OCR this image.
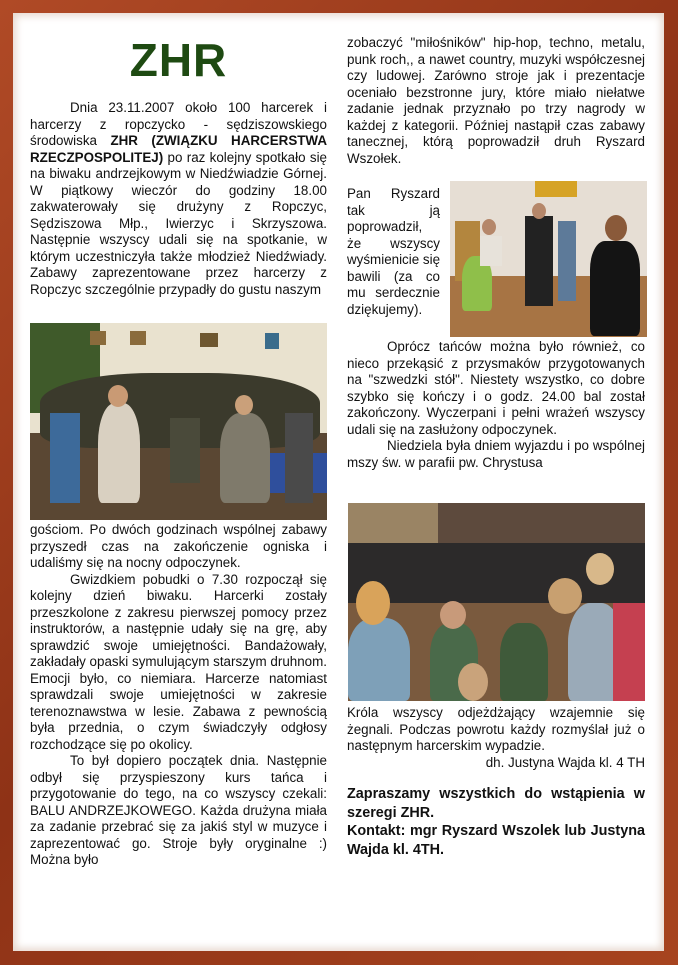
ZHR

Dnia 23.11.2007 około 100 harcerek i harcerzy z ropczycko - sędziszowskiego środowiska ZHR (ZWIĄZKU HARCERSTWA RZECZPOSPOLITEJ) po raz kolejny spotkało się na biwaku andrzejkowym w Niedźwiadzie Górnej. W piątkowy wieczór do godziny 18.00 zakwaterowały się drużyny z Ropczyc, Sędziszowa Młp., Iwierzyc i Skrzyszowa. Następnie wszyscy udali się na spotkanie, w którym uczestniczyła także młodzież Niedźwiady. Zabawy zaprezentowane przez harcerzy z Ropczyc szczególnie przypadły do gustu naszym

gościom. Po dwóch godzinach wspólnej zabawy przyszedł czas na zakończenie ogniska i udaliśmy się na nocny odpoczynek.

Gwizdkiem pobudki o 7.30 rozpoczął się kolejny dzień biwaku. Harcerki zostały przeszkolone z zakresu pierwszej pomocy przez instruktorów, a następnie udały się na grę, aby sprawdzić swoje umiejętności. Bandażowały, zakładały opaski symulującym starszym druhnom. Emocji było, co niemiara. Harcerze natomiast sprawdzali swoje umiejętności w zakresie terenoznawstwa w lesie. Zabawa z pewnością była przednia, o czym świadczyły odgłosy rozchodzące się po okolicy.

To był dopiero początek dnia. Następnie odbył się przyspieszony kurs tańca i przygotowanie do tego, na co wszyscy czekali: BALU ANDRZEJKOWEGO. Każda drużyna miała za zadanie przebrać się za jakiś styl w muzyce i zaprezentować go. Stroje były oryginalne :) Można było

zobaczyć "miłośników" hip-hop, techno, metalu, punk roch,, a nawet country, muzyki współczesnej czy ludowej. Zarówno stroje jak i prezentacje oceniało bezstronne jury, które miało niełatwe zadanie jednak przyznało po trzy nagrody w każdej z kategorii. Później nastąpił czas zabawy tanecznej, którą poprowadził druh Ryszard Wszołek.

Pan Ryszard tak ją poprowadził, że wszyscy wyśmienicie się bawili (za co mu serdecznie dziękujemy).

Oprócz tańców można było również, co nieco przekąsić z przysmaków przygotowanych na "szwedzki stół". Niestety wszystko, co dobre szybko się kończy i o godz. 24.00 bal został zakończony. Wyczerpani i pełni wrażeń wszyscy udali się na zasłużony odpoczynek.

Niedziela była dniem wyjazdu i po wspólnej mszy św. w parafii pw. Chrystusa

Króla wszyscy odjeżdżający wzajemnie się żegnali. Podczas powrotu każdy rozmyślał już o następnym harcerskim wypadzie.

dh. Justyna Wajda kl. 4 TH

Zapraszamy wszystkich do wstąpienia w szeregi ZHR.

Kontakt: mgr Ryszard Wszolek lub Justyna Wajda kl. 4TH.
